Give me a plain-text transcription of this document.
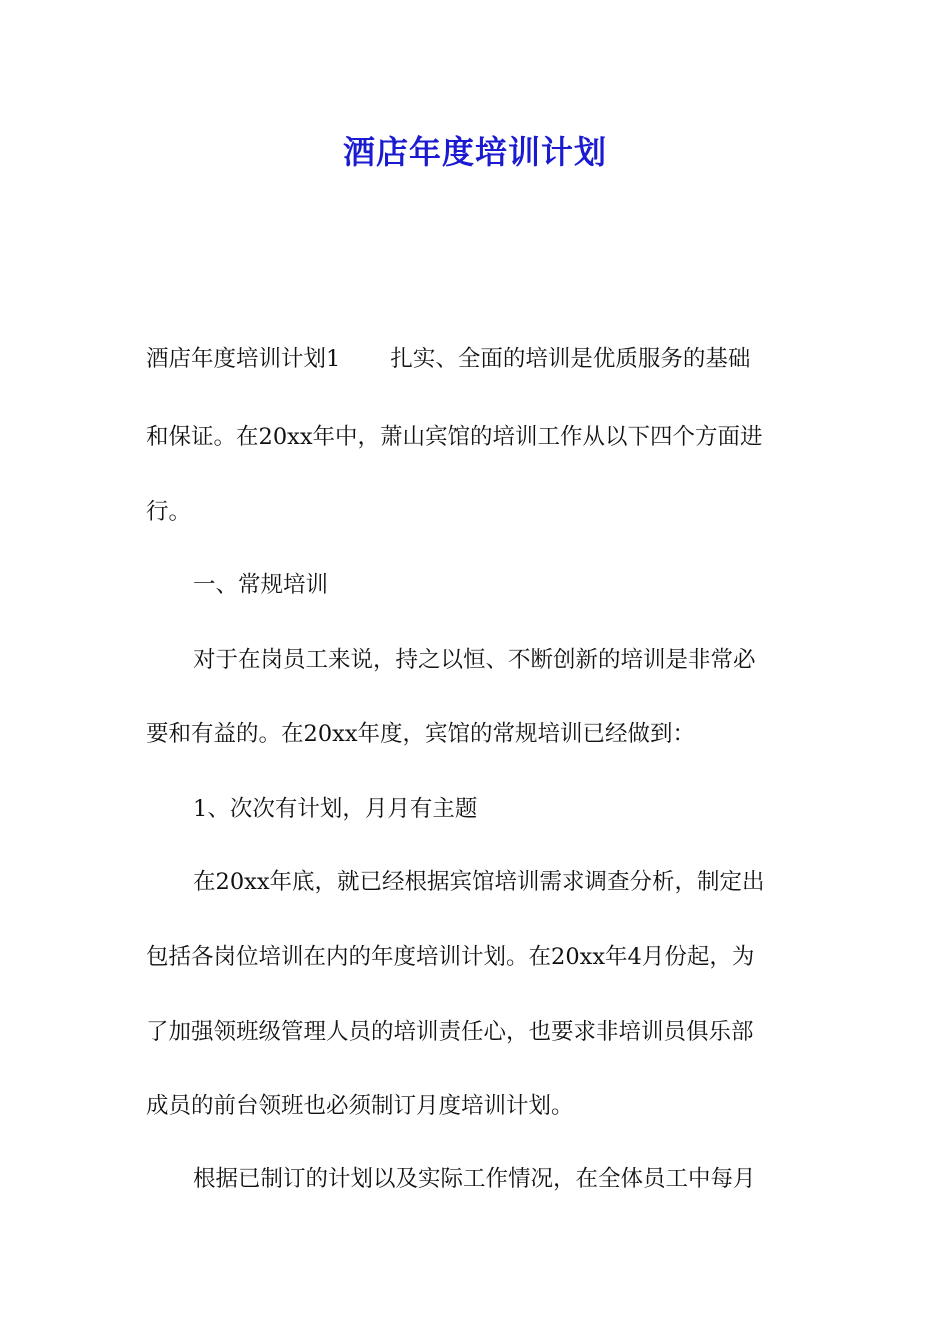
酒店年度培训计划
酒店年度培训计划1 扎实、全面的培训是优质服务的基础
和保证。在20xx年中，萧山宾馆的培训工作从以下四个方面进
行。
一、常规培训
对于在岗员工来说，持之以恒、不断创新的培训是非常必
要和有益的。在20xx年度，宾馆的常规培训已经做到：
1、次次有计划，月月有主题
在20xx年底，就已经根据宾馆培训需求调查分析，制定出
包括各岗位培训在内的年度培训计划。在20xx年4月份起，为
了加强领班级管理人员的培训责任心，也要求非培训员俱乐部
成员的前台领班也必须制订月度培训计划。
根据已制订的计划以及实际工作情况，在全体员工中每月
